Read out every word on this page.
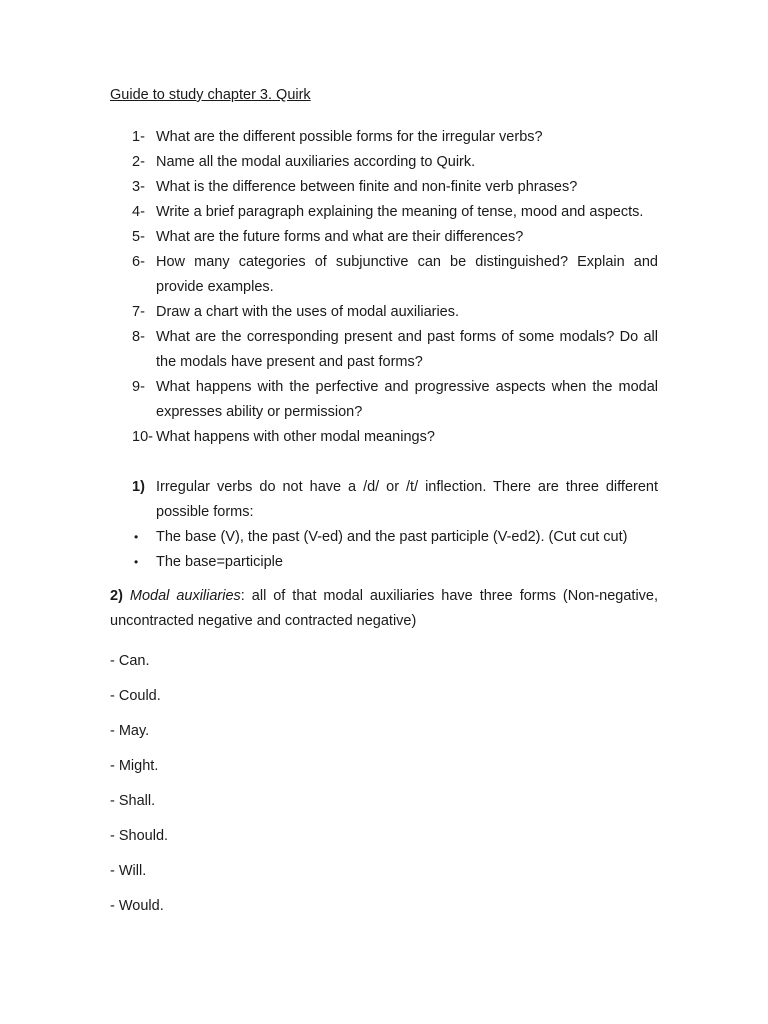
Guide to study chapter 3. Quirk

1- What are the different possible forms for the irregular verbs?
2- Name all the modal auxiliaries according to Quirk.
3- What is the difference between finite and non-finite verb phrases?
4- Write a brief paragraph explaining the meaning of tense, mood and aspects.
5- What are the future forms and what are their differences?
6- How many categories of subjunctive can be distinguished? Explain and provide examples.
7- Draw a chart with the uses of modal auxiliaries.
8- What are the corresponding present and past forms of some modals? Do all the modals have present and past forms?
9- What happens with the perfective and progressive aspects when the modal expresses ability or permission?
10- What happens with other modal meanings?
1) Irregular verbs do not have a /d/ or /t/ inflection. There are three different possible forms:
• The base (V), the past (V-ed) and the past participle (V-ed2). (Cut cut cut)
• The base=participle

2) Modal auxiliaries: all of that modal auxiliaries have three forms (Non-negative, uncontracted negative and contracted negative)

- Can.
- Could.
- May.
- Might.
- Shall.
- Should.
- Will.
- Would.
